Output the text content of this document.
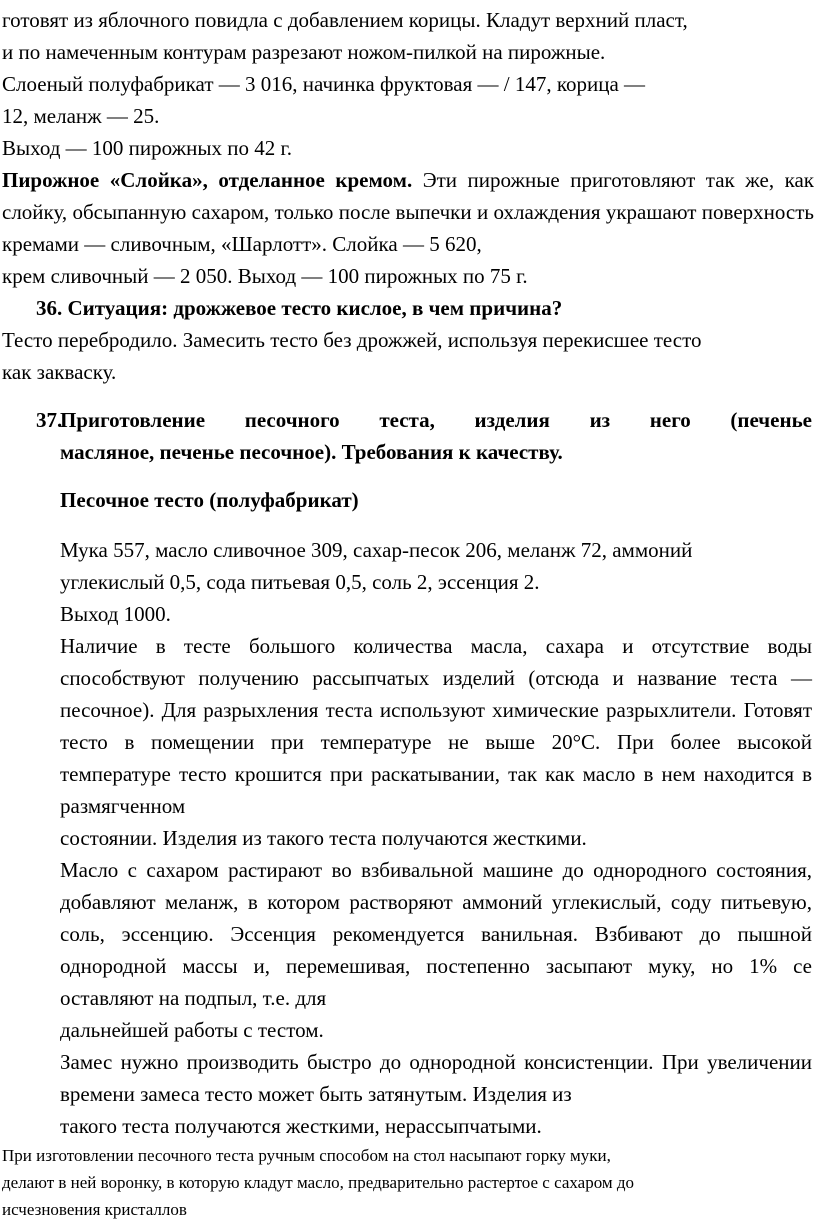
готовят из яблочного повидла с добавлением корицы. Кладут верхний пласт,
и по намеченным контурам разрезают ножом-пилкой на пирожные.
Слоеный полуфабрикат — 3 016, начинка фруктовая — / 147, корица —
12, меланж — 25.
Выход — 100 пирожных по 42 г.
Пирожное «Слойка», отделанное кремом. Эти пирожные приготовляют так же, как слойку, обсыпанную сахаром, только после выпечки и охлаждения украшают поверхность кремами — сливочным, «Шарлотт». Слойка — 5 620,
крем сливочный — 2 050. Выход — 100 пирожных по 75 г.
36. Ситуация: дрожжевое тесто кислое, в чем причина?
Тесто перебродило. Замесить тесто без дрожжей, используя перекисшее тесто
как закваску.
37.
Приготовление песочного теста, изделия из него (печенье
масляное, печенье песочное). Требования к качеству.
Песочное тесто (полуфабрикат)
Мука 557, масло сливочное 309, сахар-песок 206, меланж 72, аммоний
углекислый 0,5, сода питьевая 0,5, соль 2, эссенция 2.
Выход 1000.
Наличие в тесте большого количества масла, сахара и отсутствие воды способствуют получению рассыпчатых изделий (отсюда и название теста — песочное). Для разрыхления теста используют химические разрыхлители. Готовят тесто в помещении при температуре не выше 20°С. При более высокой температуре тесто крошится при раскатывании, так как масло в нем находится в размягченном
состоянии. Изделия из такого теста получаются жесткими.
Масло с сахаром растирают во взбивальной машине до однородного состояния, добавляют меланж, в котором растворяют аммоний углекислый, соду питьевую, соль, эссенцию. Эссенция рекомендуется ванильная. Взбивают до пышной однородной массы и, перемешивая, постепенно засыпают муку, но 1% се оставляют на подпыл, т.е. для
дальнейшей работы с тестом.
Замес нужно производить быстро до однородной консистенции. При увеличении времени замеса тесто может быть затянутым. Изделия из
такого теста получаются жесткими, нерассыпчатыми.
При изготовлении песочного теста ручным способом на стол насыпают горку муки,
делают в ней воронку, в которую кладут масло, предварительно растертое с сахаром до
исчезновения кристаллов
